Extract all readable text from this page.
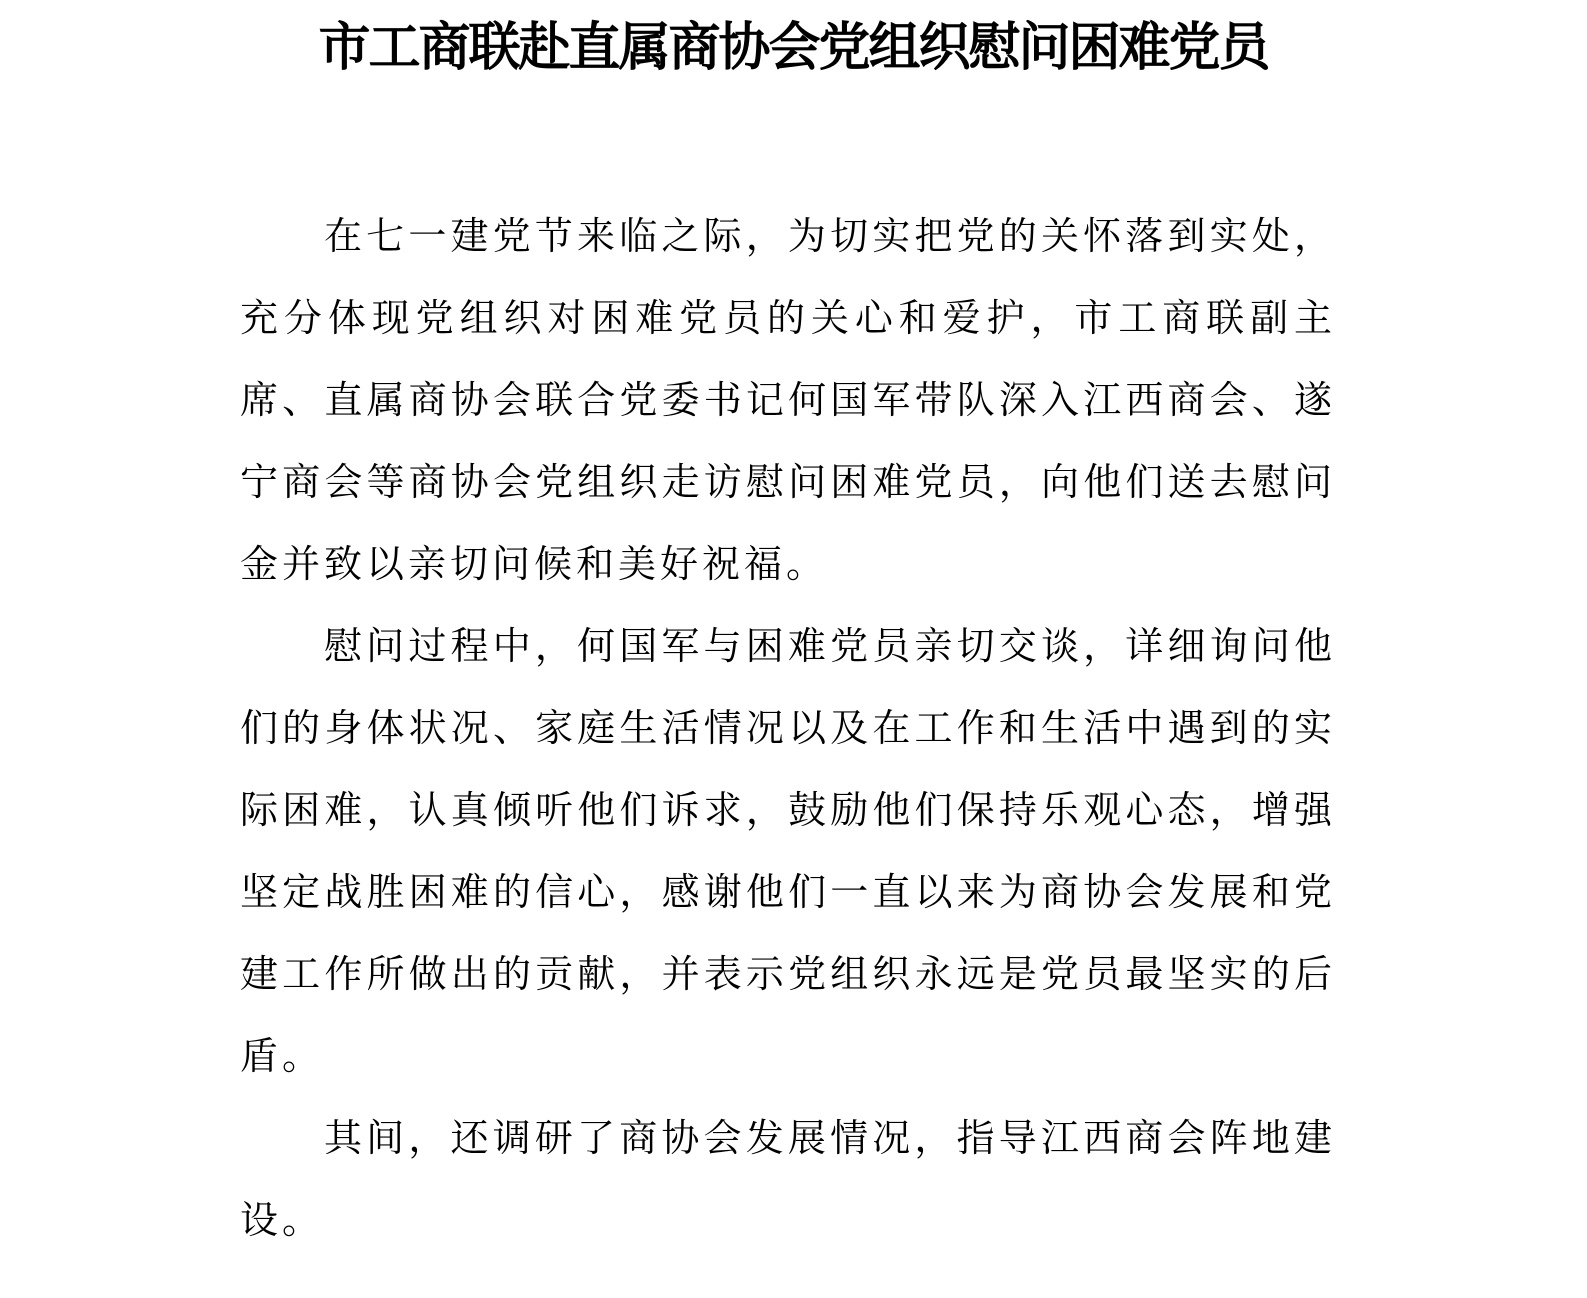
市工商联赴直属商协会党组织慰问困难党员

在七一建党节来临之际，为切实把党的关怀落到实处，充分体现党组织对困难党员的关心和爱护，市工商联副主席、直属商协会联合党委书记何国军带队深入江西商会、遂宁商会等商协会党组织走访慰问困难党员，向他们送去慰问金并致以亲切问候和美好祝福。

慰问过程中，何国军与困难党员亲切交谈，详细询问他们的身体状况、家庭生活情况以及在工作和生活中遇到的实际困难，认真倾听他们诉求，鼓励他们保持乐观心态，增强坚定战胜困难的信心，感谢他们一直以来为商协会发展和党建工作所做出的贡献，并表示党组织永远是党员最坚实的后盾。

其间，还调研了商协会发展情况，指导江西商会阵地建设。
